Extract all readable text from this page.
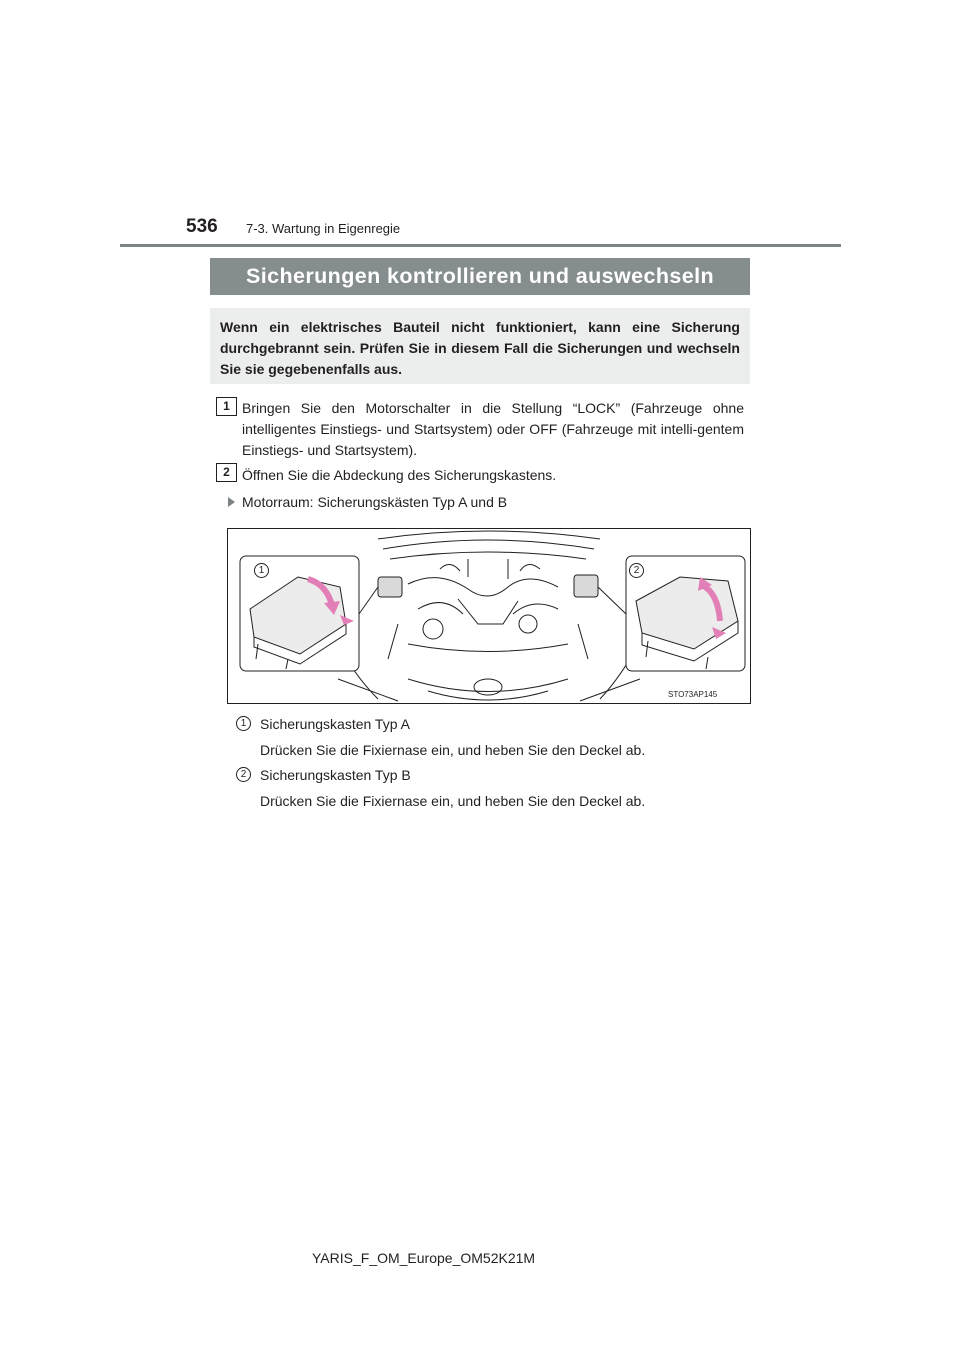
536 7-3. Wartung in Eigenregie
Sicherungen kontrollieren und auswechseln
Wenn ein elektrisches Bauteil nicht funktioniert, kann eine Sicherung durchgebrannt sein. Prüfen Sie in diesem Fall die Sicherungen und wechseln Sie sie gegebenenfalls aus.
1 Bringen Sie den Motorschalter in die Stellung “LOCK” (Fahrzeuge ohne intelligentes Einstiegs- und Startsystem) oder OFF (Fahrzeuge mit intelli-gentem Einstiegs- und Startsystem).
2 Öffnen Sie die Abdeckung des Sicherungskastens.
Motorraum: Sicherungskästen Typ A und B
1	2
STO73AP145
1 Sicherungskasten Typ A
Drücken Sie die Fixiernase ein, und heben Sie den Deckel ab.
2 Sicherungskasten Typ B
Drücken Sie die Fixiernase ein, und heben Sie den Deckel ab.
YARIS_F_OM_Europe_OM52K21M
